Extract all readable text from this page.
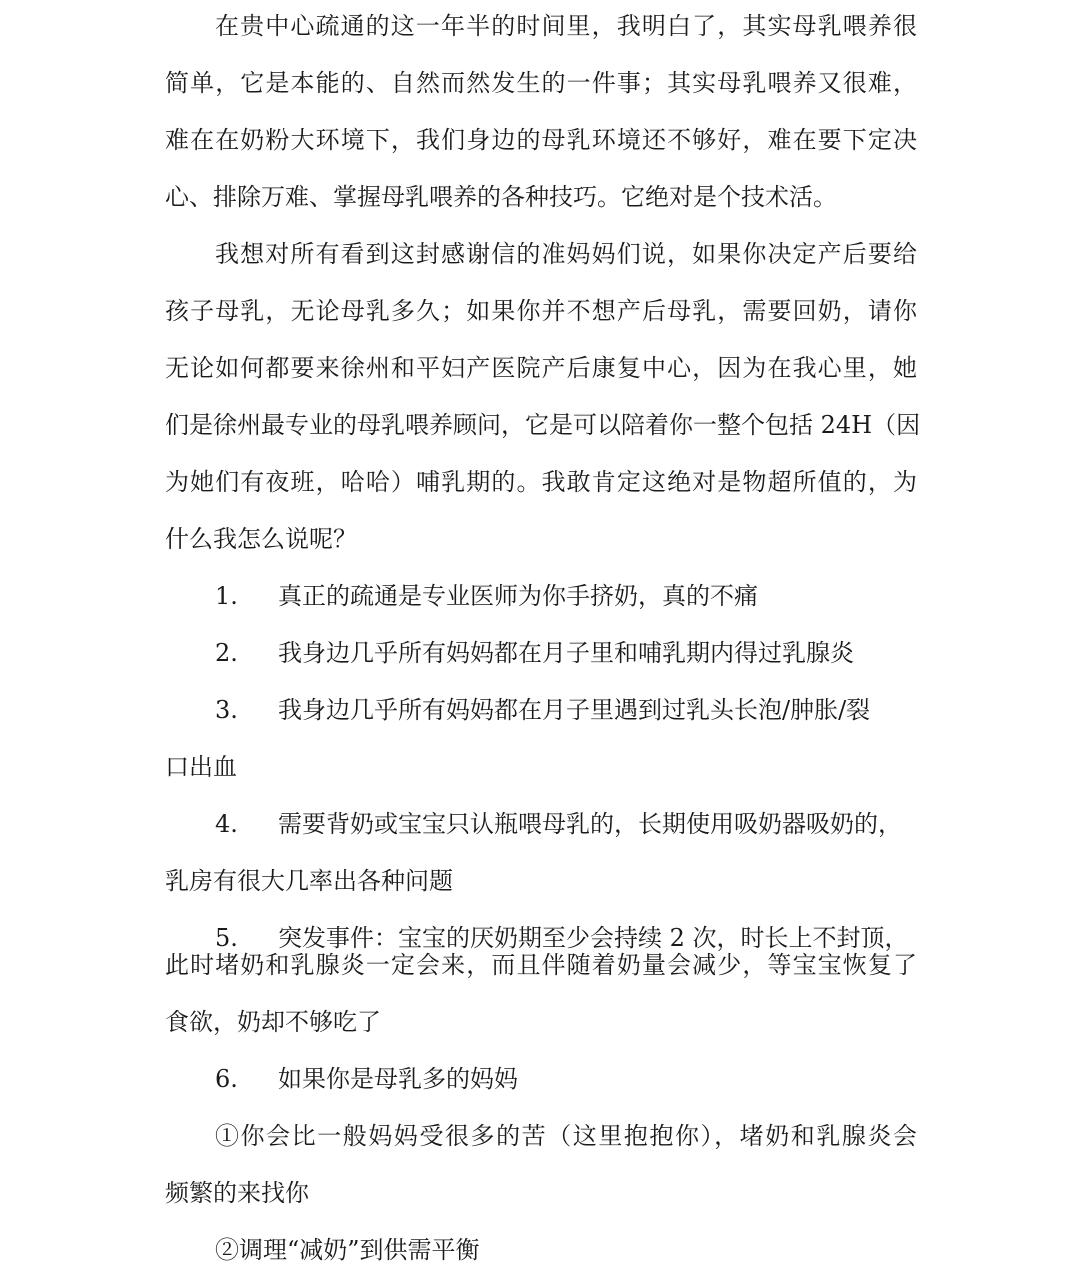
在贵中心疏通的这一年半的时间里，我明白了，其实母乳喂养很
简单，它是本能的、自然而然发生的一件事；其实母乳喂养又很难，
难在在奶粉大环境下，我们身边的母乳环境还不够好，难在要下定决
心、排除万难、掌握母乳喂养的各种技巧。它绝对是个技术活。
我想对所有看到这封感谢信的准妈妈们说，如果你决定产后要给
孩子母乳，无论母乳多久；如果你并不想产后母乳，需要回奶，请你
无论如何都要来徐州和平妇产医院产后康复中心，因为在我心里，她
们是徐州最专业的母乳喂养顾问，它是可以陪着你一整个包括 24H（因
为她们有夜班，哈哈）哺乳期的。我敢肯定这绝对是物超所值的，为
什么我怎么说呢？
1. 真正的疏通是专业医师为你手挤奶，真的不痛
2. 我身边几乎所有妈妈都在月子里和哺乳期内得过乳腺炎
3. 我身边几乎所有妈妈都在月子里遇到过乳头长泡/肿胀/裂
口出血
4. 需要背奶或宝宝只认瓶喂母乳的，长期使用吸奶器吸奶的，
乳房有很大几率出各种问题
5. 突发事件：宝宝的厌奶期至少会持续 2 次，时长上不封顶，
此时堵奶和乳腺炎一定会来，而且伴随着奶量会减少，等宝宝恢复了
食欲，奶却不够吃了
6. 如果你是母乳多的妈妈
①你会比一般妈妈受很多的苦（这里抱抱你），堵奶和乳腺炎会
频繁的来找你
②调理“减奶”到供需平衡
